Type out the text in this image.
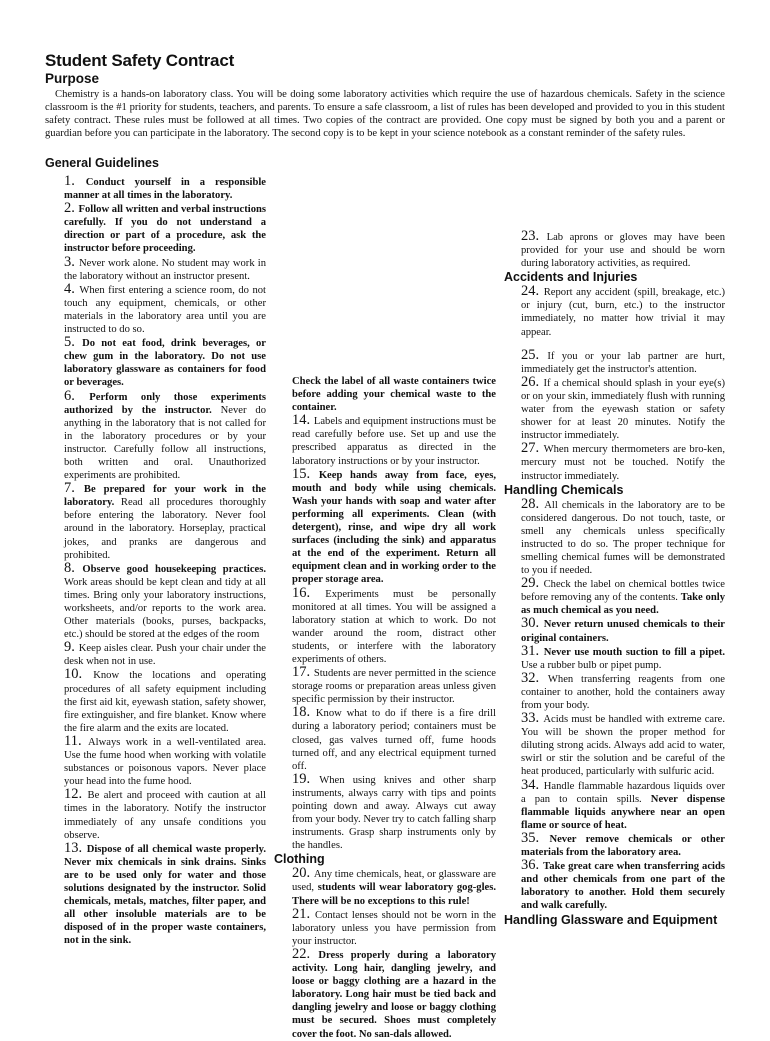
Student Safety Contract
Purpose

Chemistry is a hands-on laboratory class. You will be doing some laboratory activities which require the use of hazardous chemicals. Safety in the science classroom is the #1 priority for students, teachers, and parents. To ensure a safe classroom, a list of rules has been developed and provided to you in this student safety contract. These rules must be followed at all times. Two copies of the contract are provided. One copy must be signed by both you and a parent or guardian before you can participate in the laboratory. The second copy is to be kept in your science notebook as a constant reminder of the safety rules.

General Guidelines

1. Conduct yourself in a responsible manner at all times in the laboratory.

2. Follow all written and verbal instructions carefully. If you do not understand a direction or part of a procedure, ask the instructor before proceeding.

3. Never work alone. No student may work in the laboratory without an instructor present.

4. When first entering a science room, do not touch any equipment, chemicals, or other materials in the laboratory area until you are instructed to do so.

5. Do not eat food, drink beverages, or chew gum in the laboratory. Do not use laboratory glassware as containers for food or beverages.

6. Perform only those experiments authorized by the instructor. Never do anything in the laboratory that is not called for in the laboratory procedures or by your instructor. Carefully follow all instructions, both written and oral. Unauthorized experiments are prohibited.

7. Be prepared for your work in the laboratory. Read all procedures thoroughly before entering the laboratory. Never fool around in the laboratory. Horseplay, practical jokes, and pranks are dangerous and prohibited.

8. Observe good housekeeping practices. Work areas should be kept clean and tidy at all times. Bring only your laboratory instructions, worksheets, and/or reports to the work area. Other materials (books, purses, backpacks, etc.) should be stored at the edges of the room

9. Keep aisles clear. Push your chair under the desk when not in use.

10. Know the locations and operating procedures of all safety equipment including the first aid kit, eyewash station, safety shower, fire extinguisher, and fire blanket. Know where the fire alarm and the exits are located.

11. Always work in a well-ventilated area. Use the fume hood when working with volatile substances or poisonous vapors. Never place your head into the fume hood.

12. Be alert and proceed with caution at all times in the laboratory. Notify the instructor immediately of any unsafe conditions you observe.

13. Dispose of all chemical waste properly. Never mix chemicals in sink drains. Sinks are to be used only for water and those solutions designated by the instructor. Solid chemicals, metals, matches, filter paper, and all other insoluble materials are to be disposed of in the proper waste containers, not in the sink.

Check the label of all waste containers twice before adding your chemical waste to the container.

14. Labels and equipment instructions must be read carefully before use. Set up and use the prescribed apparatus as directed in the laboratory instructions or by your instructor.

15. Keep hands away from face, eyes, mouth and body while using chemicals. Wash your hands with soap and water after performing all experiments. Clean (with detergent), rinse, and wipe dry all work surfaces (including the sink) and apparatus at the end of the experiment. Return all equipment clean and in working order to the proper storage area.

16. Experiments must be personally monitored at all times. You will be assigned a laboratory station at which to work. Do not wander around the room, distract other students, or interfere with the laboratory experiments of others.

17. Students are never permitted in the science storage rooms or preparation areas unless given specific permission by their instructor.

18. Know what to do if there is a fire drill during a laboratory period; containers must be closed, gas valves turned off, fume hoods turned off, and any electrical equipment turned off.

19. When using knives and other sharp instruments, always carry with tips and points pointing down and away. Always cut away from your body. Never try to catch falling sharp instruments. Grasp sharp instruments only by the handles.

Clothing

20. Any time chemicals, heat, or glassware are used, students will wear laboratory gog-gles. There will be no exceptions to this rule!

21. Contact lenses should not be worn in the laboratory unless you have permission from your instructor.

22. Dress properly during a laboratory activity. Long hair, dangling jewelry, and loose or baggy clothing are a hazard in the laboratory. Long hair must be tied back and dangling jewelry and loose or baggy clothing must be secured. Shoes must completely cover the foot. No san-dals allowed.

23. Lab aprons or gloves may have been provided for your use and should be worn during laboratory activities, as required.

Accidents and Injuries

24. Report any accident (spill, breakage, etc.) or injury (cut, burn, etc.) to the instructor immediately, no matter how trivial it may appear.

25. If you or your lab partner are hurt, immediately get the instructor's attention.

26. If a chemical should splash in your eye(s) or on your skin, immediately flush with running water from the eyewash station or safety shower for at least 20 minutes. Notify the instructor immediately.

27. When mercury thermometers are bro-ken, mercury must not be touched. Notify the instructor immediately.

Handling Chemicals

28. All chemicals in the laboratory are to be considered dangerous. Do not touch, taste, or smell any chemicals unless specifically instructed to do so. The proper technique for smelling chemical fumes will be demonstrated to you if needed.

29. Check the label on chemical bottles twice before removing any of the contents. Take only as much chemical as you need.

30. Never return unused chemicals to their original containers.

31. Never use mouth suction to fill a pipet. Use a rubber bulb or pipet pump.

32. When transferring reagents from one container to another, hold the containers away from your body.

33. Acids must be handled with extreme care. You will be shown the proper method for diluting strong acids. Always add acid to water, swirl or stir the solution and be careful of the heat produced, particularly with sulfuric acid.

34. Handle flammable hazardous liquids over a pan to contain spills. Never dispense flammable liquids anywhere near an open flame or source of heat.

35. Never remove chemicals or other materials from the laboratory area.

36. Take great care when transferring acids and other chemicals from one part of the laboratory to another. Hold them securely and walk carefully.

Handling Glassware and Equipment
